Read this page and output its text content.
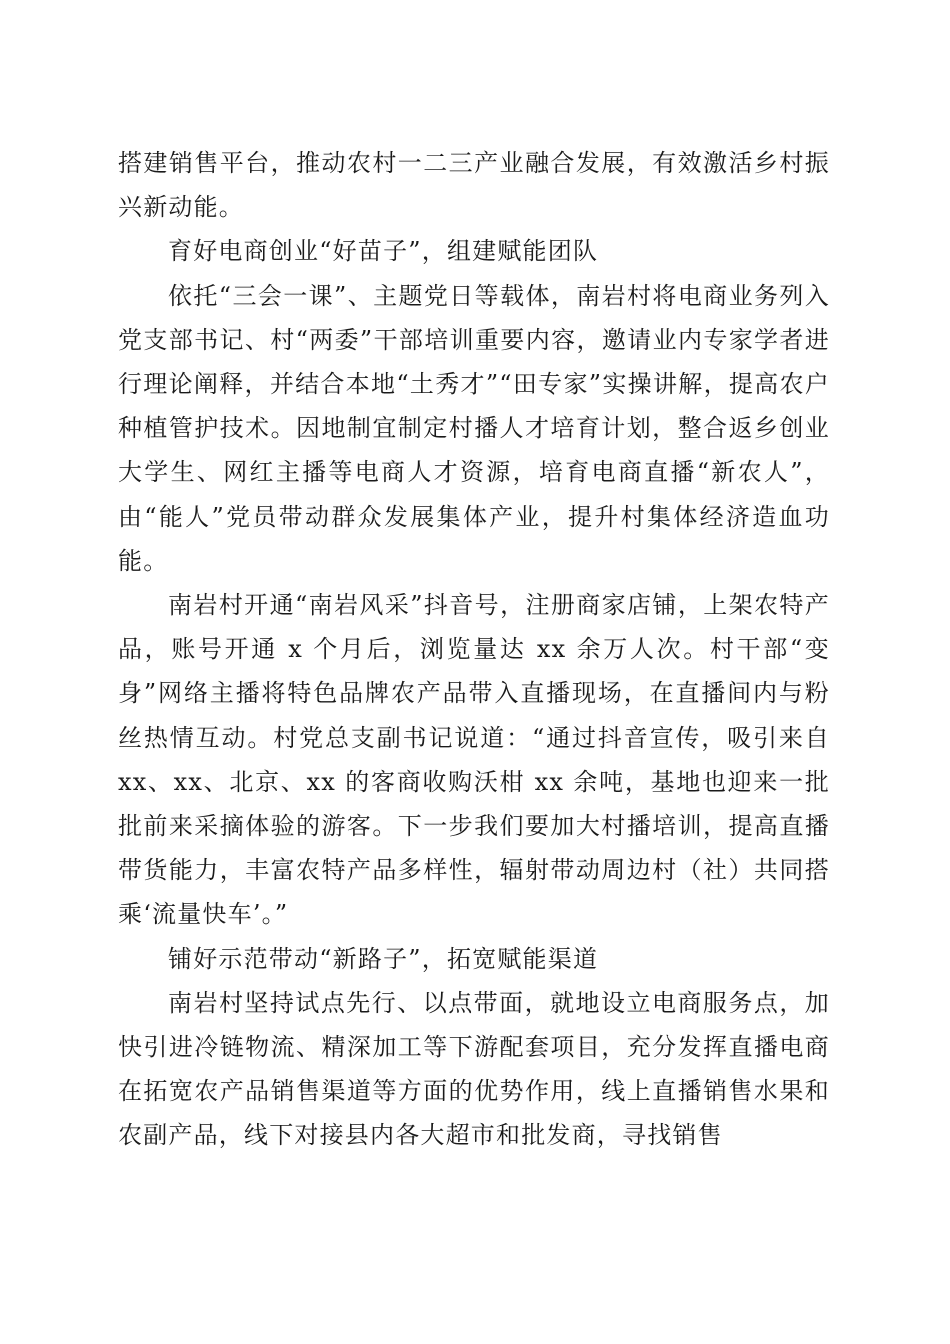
搭建销售平台，推动农村一二三产业融合发展，有效激活乡村振兴新动能。

育好电商创业“好苗子”，组建赋能团队

依托“三会一课”、主题党日等载体，南岩村将电商业务列入党支部书记、村“两委”干部培训重要内容，邀请业内专家学者进行理论阐释，并结合本地“土秀才”“田专家”实操讲解，提高农户种植管护技术。因地制宜制定村播人才培育计划，整合返乡创业大学生、网红主播等电商人才资源，培育电商直播“新农人”，由“能人”党员带动群众发展集体产业，提升村集体经济造血功能。

南岩村开通“南岩风采”抖音号，注册商家店铺，上架农特产品，账号开通 x 个月后，浏览量达 xx 余万人次。村干部“变身”网络主播将特色品牌农产品带入直播现场，在直播间内与粉丝热情互动。村党总支副书记说道：“通过抖音宣传，吸引来自 xx、xx、北京、xx 的客商收购沃柑 xx 余吨，基地也迎来一批批前来采摘体验的游客。下一步我们要加大村播培训，提高直播带货能力，丰富农特产品多样性，辐射带动周边村（社）共同搭乘‘流量快车’。”

铺好示范带动“新路子”，拓宽赋能渠道

南岩村坚持试点先行、以点带面，就地设立电商服务点，加快引进冷链物流、精深加工等下游配套项目，充分发挥直播电商在拓宽农产品销售渠道等方面的优势作用，线上直播销售水果和农副产品，线下对接县内各大超市和批发商，寻找销售
